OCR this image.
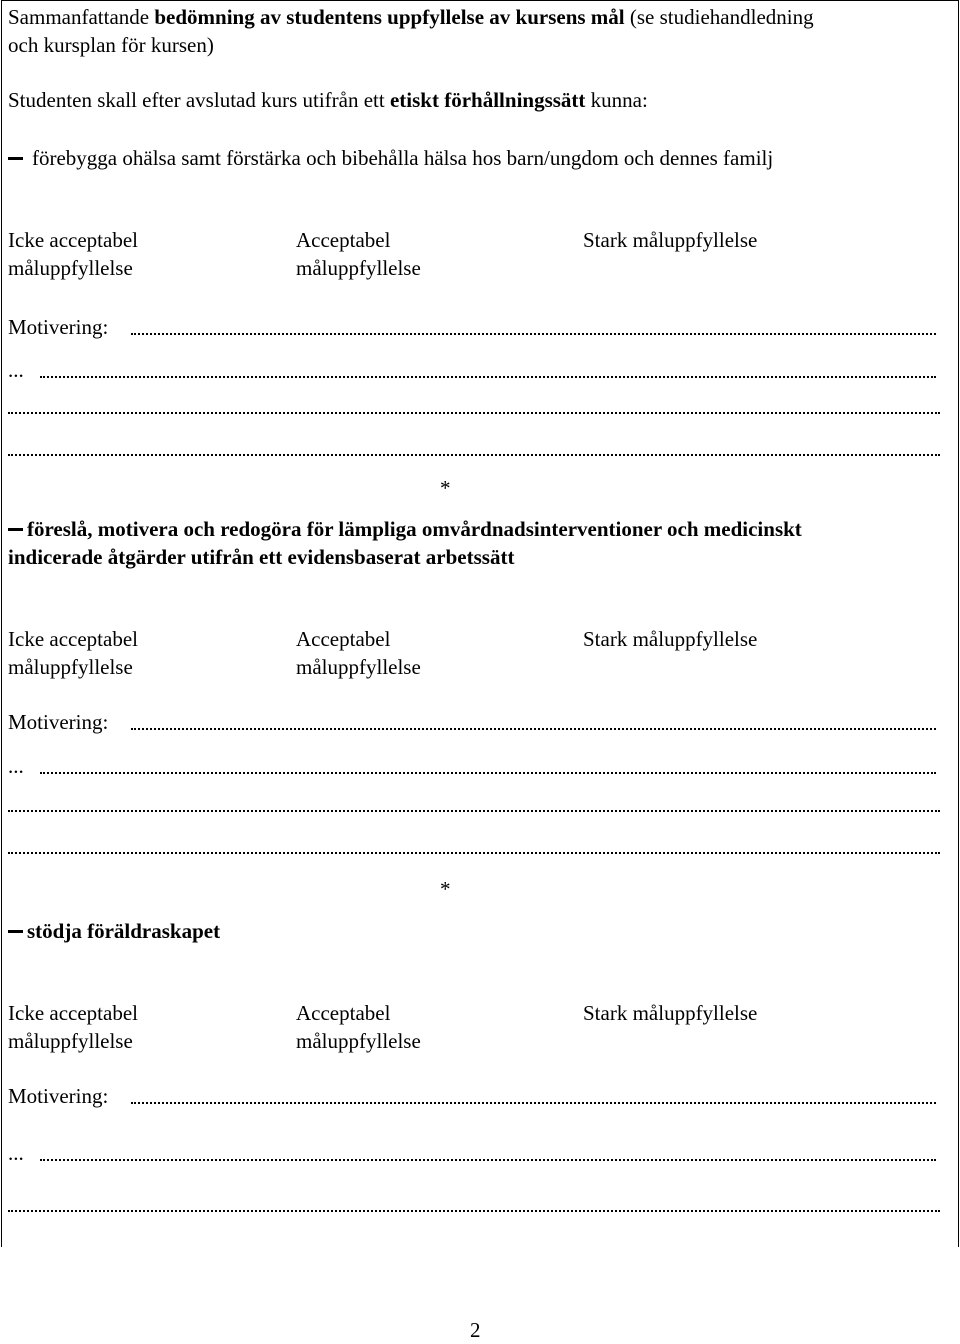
Sammanfattande bedömning av studentens uppfyllelse av kursens mål (se studiehandledning
och kursplan för kursen)
Studenten skall efter avslutad kurs utifrån ett etiskt förhållningssätt kunna:
förebygga ohälsa samt förstärka och bibehålla hälsa hos barn/ungdom och dennes familj
Icke acceptabel
måluppfyllelse
Acceptabel
måluppfyllelse
Stark måluppfyllelse
Motivering:
...
*
föreslå, motivera och redogöra för lämpliga omvårdnadsinterventioner och medicinskt
indicerade åtgärder utifrån ett evidensbaserat arbetssätt
Icke acceptabel
måluppfyllelse
Acceptabel
måluppfyllelse
Stark måluppfyllelse
Motivering:
...
*
stödja föräldraskapet
Icke acceptabel
måluppfyllelse
Acceptabel
måluppfyllelse
Stark måluppfyllelse
Motivering:
...
2
